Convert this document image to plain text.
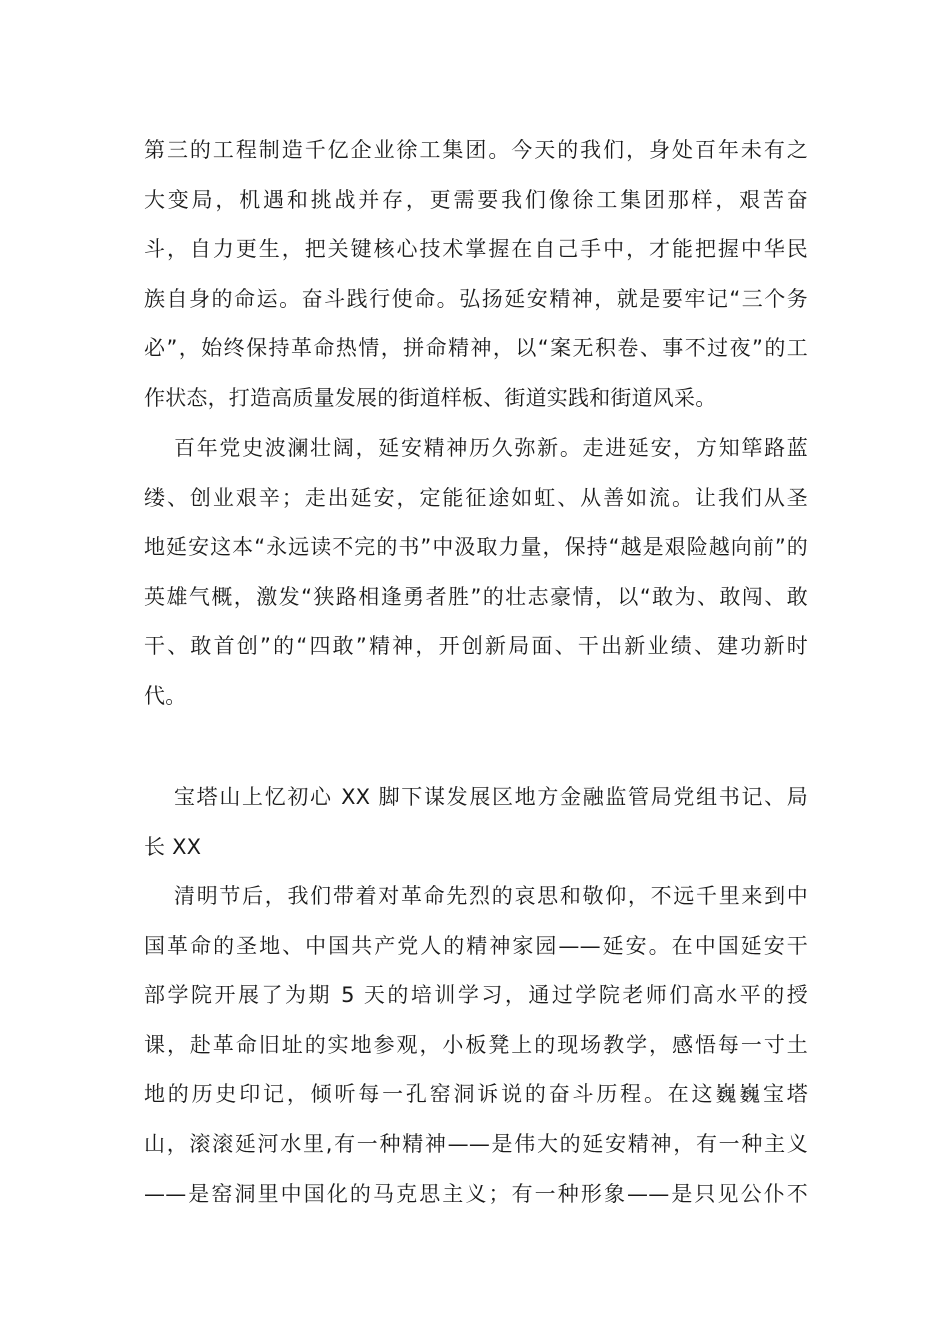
第三的工程制造千亿企业徐工集团。今天的我们，身处百年未有之
大变局，机遇和挑战并存，更需要我们像徐工集团那样，艰苦奋
斗，自力更生，把关键核心技术掌握在自己手中，才能把握中华民
族自身的命运。奋斗践行使命。弘扬延安精神，就是要牢记“三个务
必”，始终保持革命热情，拼命精神，以“案无积卷、事不过夜”的工
作状态，打造高质量发展的街道样板、街道实践和街道风采。
百年党史波澜壮阔，延安精神历久弥新。走进延安，方知筚路蓝
缕、创业艰辛；走出延安，定能征途如虹、从善如流。让我们从圣
地延安这本“永远读不完的书”中汲取力量，保持“越是艰险越向前”的
英雄气概，激发“狭路相逢勇者胜”的壮志豪情，以“敢为、敢闯、敢
干、敢首创”的“四敢”精神，开创新局面、干出新业绩、建功新时
代。
宝塔山上忆初心 XX 脚下谋发展区地方金融监管局党组书记、局
长 XX
清明节后，我们带着对革命先烈的哀思和敬仰，不远千里来到中
国革命的圣地、中国共产党人的精神家园——延安。在中国延安干
部学院开展了为期 5 天的培训学习，通过学院老师们高水平的授
课，赴革命旧址的实地参观，小板凳上的现场教学，感悟每一寸土
地的历史印记，倾听每一孔窑洞诉说的奋斗历程。在这巍巍宝塔
山，滚滚延河水里,有一种精神——是伟大的延安精神，有一种主义
——是窑洞里中国化的马克思主义；有一种形象——是只见公仆不
